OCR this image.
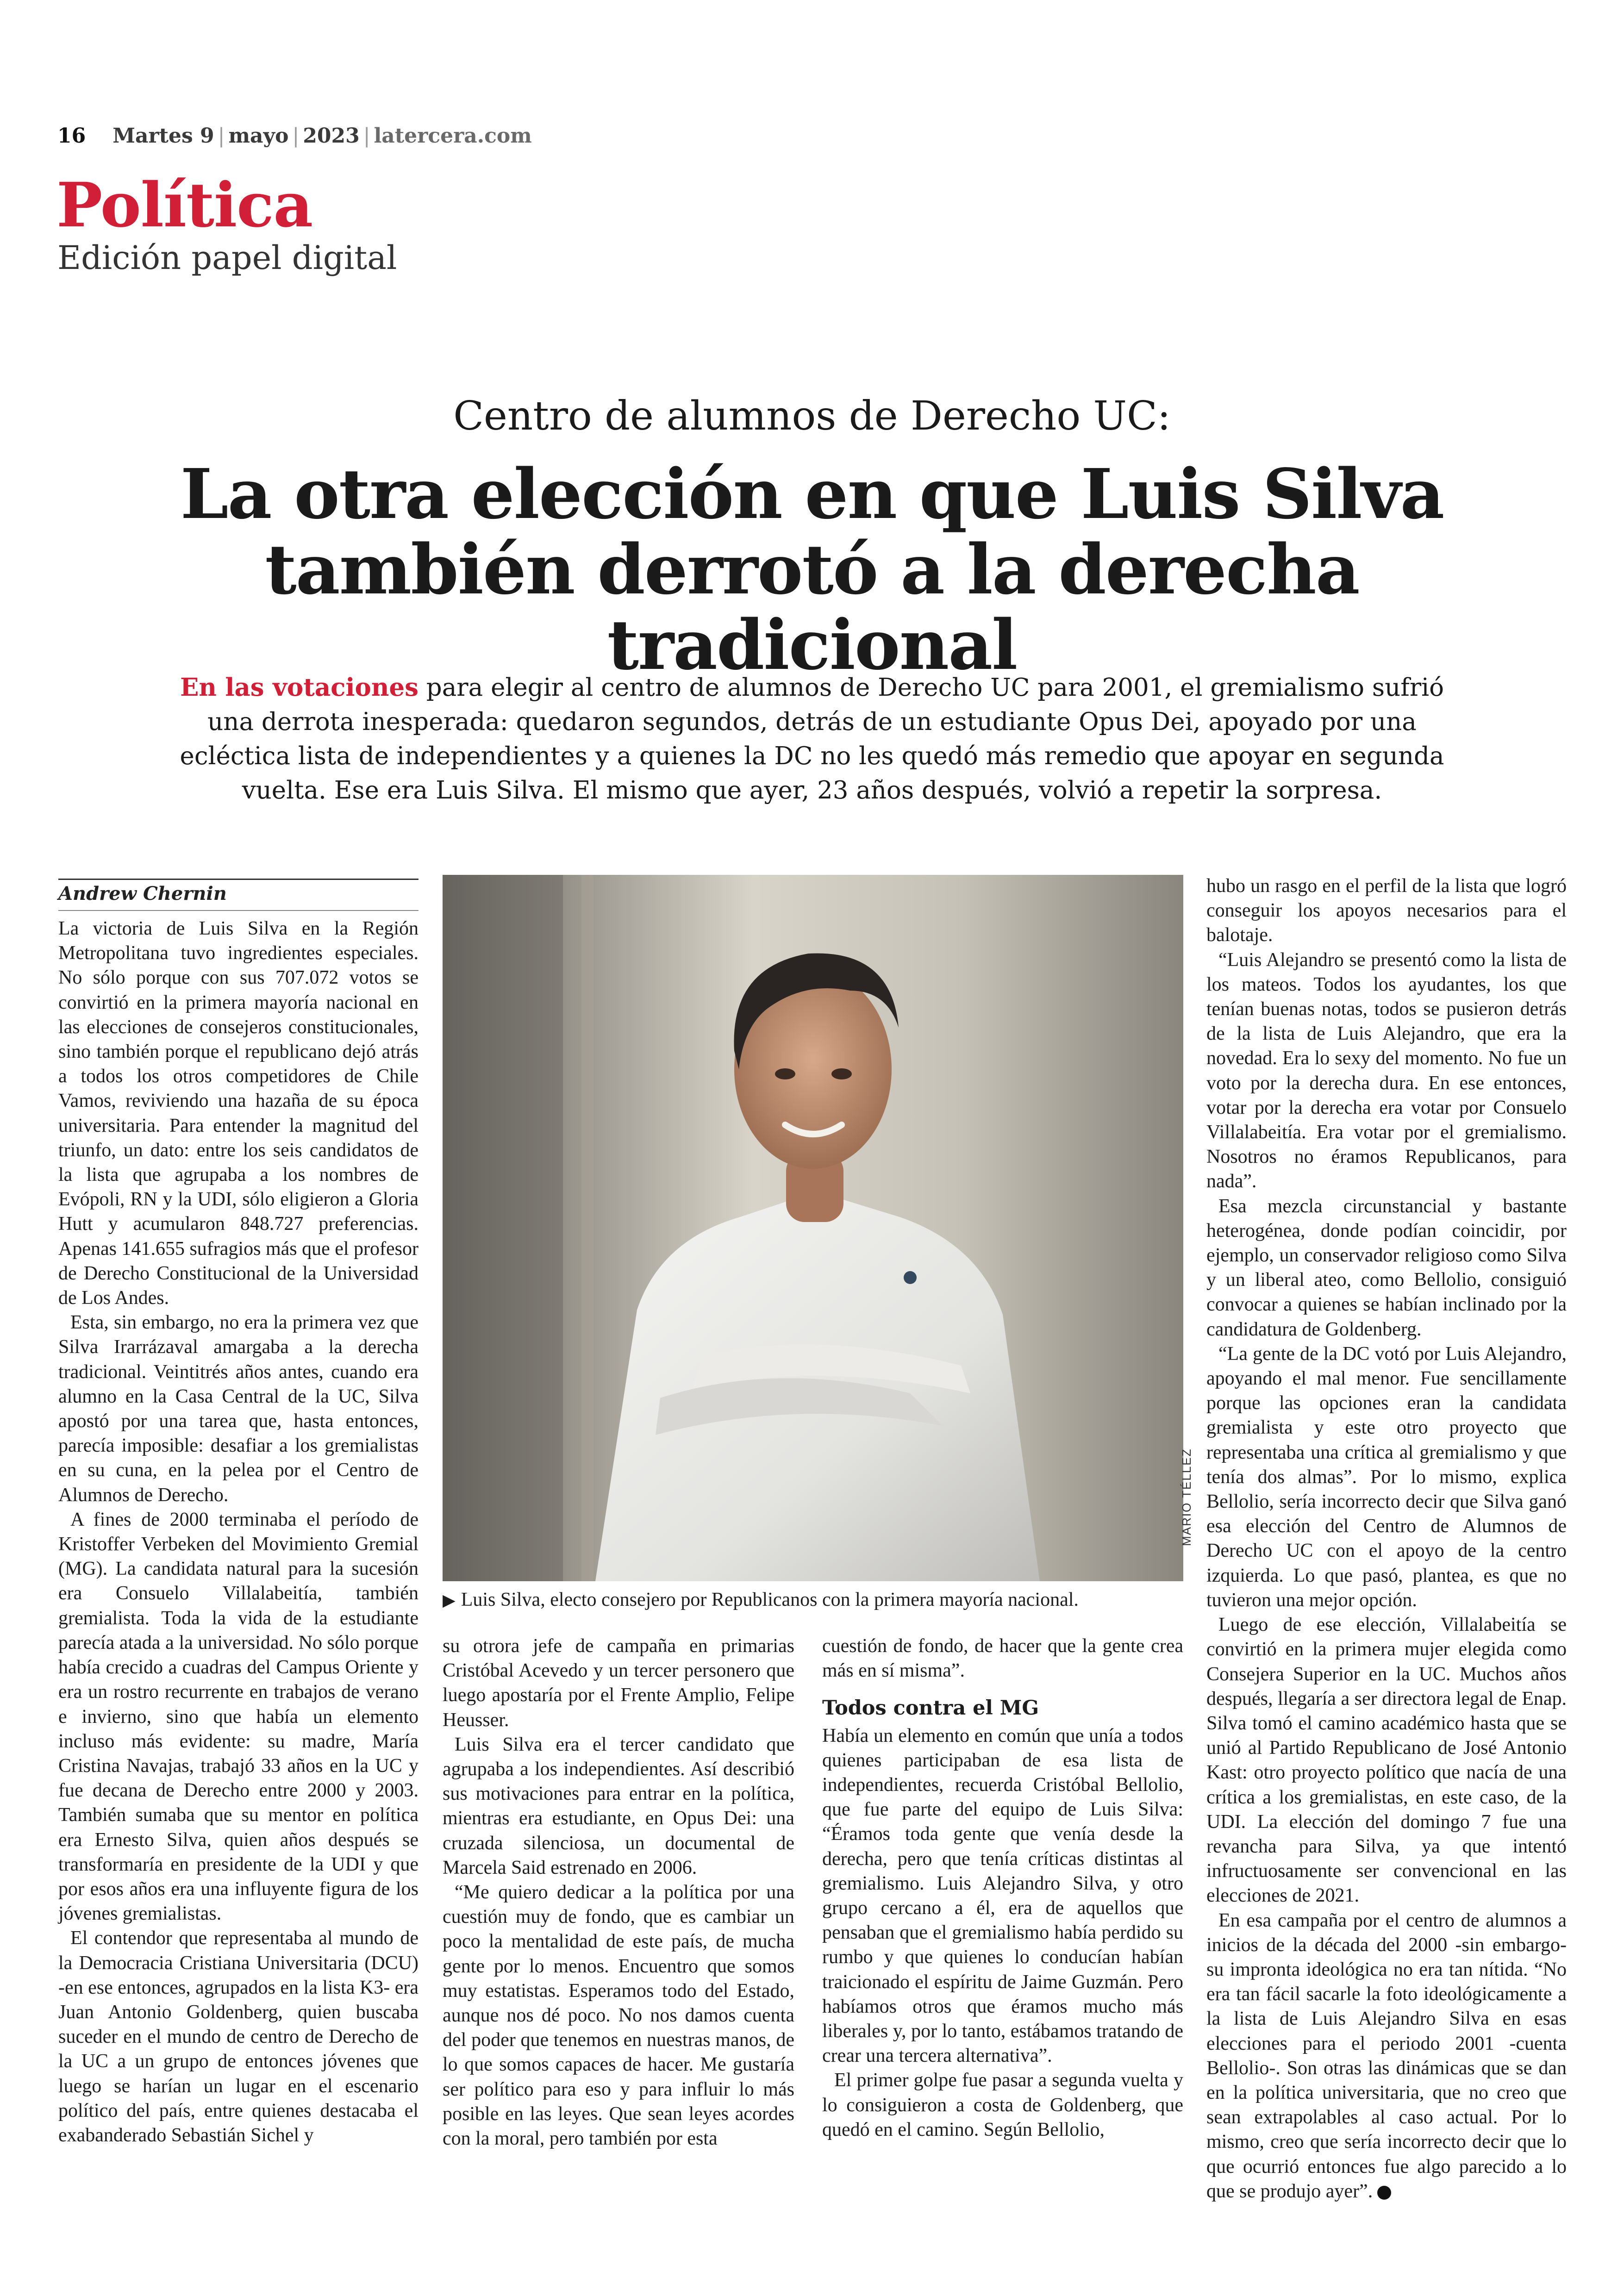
16 Martes 9 | mayo | 2023 | latercera.com
Política
Edición papel digital
Centro de alumnos de Derecho UC:
La otra elección en que Luis Silva
también derrotó a la derecha tradicional
En las votaciones para elegir al centro de alumnos de Derecho UC para 2001, el gremialismo sufrió una derrota inesperada: quedaron segundos, detrás de un estudiante Opus Dei, apoyado por una ecléctica lista de independientes y a quienes la DC no les quedó más remedio que apoyar en segunda vuelta. Ese era Luis Silva. El mismo que ayer, 23 años después, volvió a repetir la sorpresa.
Andrew Chernin

La victoria de Luis Silva en la Región Metropolitana tuvo ingredientes especiales. No sólo porque con sus 707.072 votos se convirtió en la primera mayoría nacional en las elecciones de consejeros constitucionales, sino también porque el republicano dejó atrás a todos los otros competidores de Chile Vamos, reviviendo una hazaña de su época universitaria. Para entender la magnitud del triunfo, un dato: entre los seis candidatos de la lista que agrupaba a los nombres de Evópoli, RN y la UDI, sólo eligieron a Gloria Hutt y acumularon 848.727 preferencias. Apenas 141.655 sufragios más que el profesor de Derecho Constitucional de la Universidad de Los Andes.

Esta, sin embargo, no era la primera vez que Silva Irarrázaval amargaba a la derecha tradicional. Veintitrés años antes, cuando era alumno en la Casa Central de la UC, Silva apostó por una tarea que, hasta entonces, parecía imposible: desafiar a los gremialistas en su cuna, en la pelea por el Centro de Alumnos de Derecho.

A fines de 2000 terminaba el período de Kristoffer Verbeken del Movimiento Gremial (MG). La candidata natural para la sucesión era Consuelo Villalabeitía, también gremialista. Toda la vida de la estudiante parecía atada a la universidad. No sólo porque había crecido a cuadras del Campus Oriente y era un rostro recurrente en trabajos de verano e invierno, sino que había un elemento incluso más evidente: su madre, María Cristina Navajas, trabajó 33 años en la UC y fue decana de Derecho entre 2000 y 2003. También sumaba que su mentor en política era Ernesto Silva, quien años después se transformaría en presidente de la UDI y que por esos años era una influyente figura de los jóvenes gremialistas.

El contendor que representaba al mundo de la Democracia Cristiana Universitaria (DCU) -en ese entonces, agrupados en la lista K3- era Juan Antonio Goldenberg, quien buscaba suceder en el mundo de centro de Derecho de la UC a un grupo de entonces jóvenes que luego se harían un lugar en el escenario político del país, entre quienes destacaba el exabanderado Sebastián Sichel y

▶ Luis Silva, electo consejero por Republicanos con la primera mayoría nacional.
MARIO TÉLLEZ

su otrora jefe de campaña en primarias Cristóbal Acevedo y un tercer personero que luego apostaría por el Frente Amplio, Felipe Heusser.

Luis Silva era el tercer candidato que agrupaba a los independientes. Así describió sus motivaciones para entrar en la política, mientras era estudiante, en Opus Dei: una cruzada silenciosa, un documental de Marcela Said estrenado en 2006.

“Me quiero dedicar a la política por una cuestión muy de fondo, que es cambiar un poco la mentalidad de este país, de mucha gente por lo menos. Encuentro que somos muy estatistas. Esperamos todo del Estado, aunque nos dé poco. No nos damos cuenta del poder que tenemos en nuestras manos, de lo que somos capaces de hacer. Me gustaría ser político para eso y para influir lo más posible en las leyes. Que sean leyes acordes con la moral, pero también por esta

cuestión de fondo, de hacer que la gente crea más en sí misma”.

Todos contra el MG

Había un elemento en común que unía a todos quienes participaban de esa lista de independientes, recuerda Cristóbal Bellolio, que fue parte del equipo de Luis Silva: “Éramos toda gente que venía desde la derecha, pero que tenía críticas distintas al gremialismo. Luis Alejandro Silva, y otro grupo cercano a él, era de aquellos que pensaban que el gremialismo había perdido su rumbo y que quienes lo conducían habían traicionado el espíritu de Jaime Guzmán. Pero habíamos otros que éramos mucho más liberales y, por lo tanto, estábamos tratando de crear una tercera alternativa”.

El primer golpe fue pasar a segunda vuelta y lo consiguieron a costa de Goldenberg, que quedó en el camino. Según Bellolio,

hubo un rasgo en el perfil de la lista que logró conseguir los apoyos necesarios para el balotaje.

“Luis Alejandro se presentó como la lista de los mateos. Todos los ayudantes, los que tenían buenas notas, todos se pusieron detrás de la lista de Luis Alejandro, que era la novedad. Era lo sexy del momento. No fue un voto por la derecha dura. En ese entonces, votar por la derecha era votar por Consuelo Villalabeitía. Era votar por el gremialismo. Nosotros no éramos Republicanos, para nada”.

Esa mezcla circunstancial y bastante heterogénea, donde podían coincidir, por ejemplo, un conservador religioso como Silva y un liberal ateo, como Bellolio, consiguió convocar a quienes se habían inclinado por la candidatura de Goldenberg.

“La gente de la DC votó por Luis Alejandro, apoyando el mal menor. Fue sencillamente porque las opciones eran la candidata gremialista y este otro proyecto que representaba una crítica al gremialismo y que tenía dos almas”. Por lo mismo, explica Bellolio, sería incorrecto decir que Silva ganó esa elección del Centro de Alumnos de Derecho UC con el apoyo de la centro izquierda. Lo que pasó, plantea, es que no tuvieron una mejor opción.

Luego de ese elección, Villalabeitía se convirtió en la primera mujer elegida como Consejera Superior en la UC. Muchos años después, llegaría a ser directora legal de Enap. Silva tomó el camino académico hasta que se unió al Partido Republicano de José Antonio Kast: otro proyecto político que nacía de una crítica a los gremialistas, en este caso, de la UDI. La elección del domingo 7 fue una revancha para Silva, ya que intentó infructuosamente ser convencional en las elecciones de 2021.

En esa campaña por el centro de alumnos a inicios de la década del 2000 -sin embargo- su impronta ideológica no era tan nítida. “No era tan fácil sacarle la foto ideológicamente a la lista de Luis Alejandro Silva en esas elecciones para el periodo 2001 -cuenta Bellolio-. Son otras las dinámicas que se dan en la política universitaria, que no creo que sean extrapolables al caso actual. Por lo mismo, creo que sería incorrecto decir que lo que ocurrió entonces fue algo parecido a lo que se produjo ayer”.
